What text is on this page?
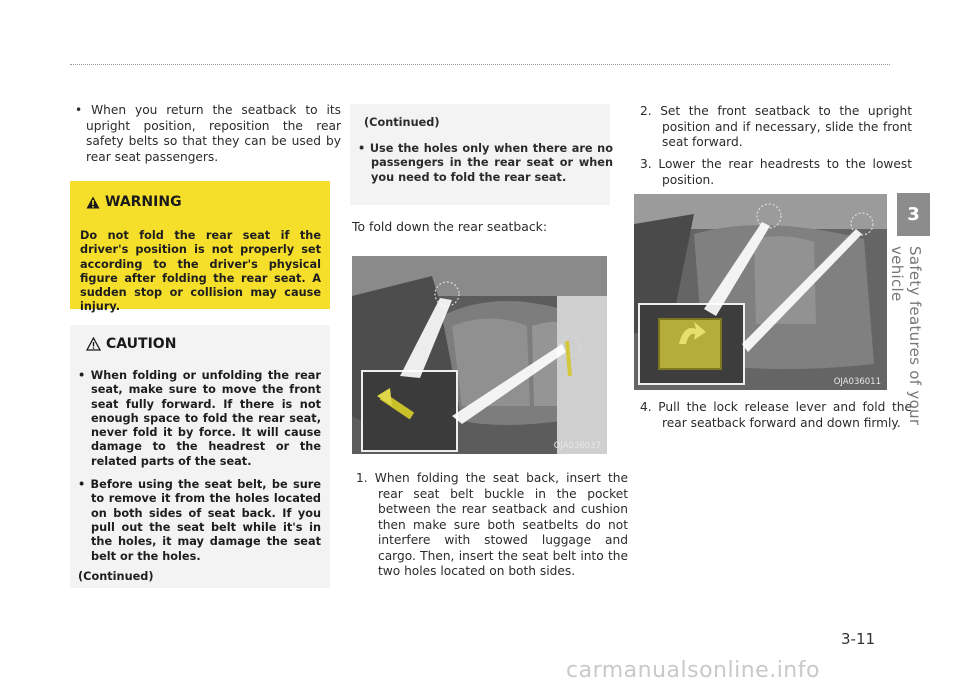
• When you return the seatback to its upright position, reposition the rear safety belts so that they can be used by rear seat passengers.
WARNING
Do not fold the rear seat if the driver's position is not properly set according to the driver's physical figure after folding the rear seat. A sudden stop or collision may cause injury.
CAUTION
• When folding or unfolding the rear seat, make sure to move the front seat fully forward. If there is not enough space to fold the rear seat, never fold it by force. It will cause damage to the headrest or the related parts of the seat.
• Before using the seat belt, be sure to remove it from the holes located on both sides of seat back. If you pull out the seat belt while it's in the holes, it may damage the seat belt or the holes.
(Continued)
(Continued)
• Use the holes only when there are no passengers in the rear seat or when you need to fold the rear seat.
To fold down the rear seatback:
OJA036037
1. When folding the seat back, insert the rear seat belt buckle in the pocket between the rear seatback and cushion then make sure both seatbelts do not interfere with stowed luggage and cargo. Then, insert the seat belt into the two holes located on both sides.
2. Set the front seatback to the upright position and if necessary, slide the front seat forward.
3. Lower the rear headrests to the lowest position.
OJA036011
4. Pull the lock release lever and fold the rear seatback forward and down firmly.
3
Safety features of your vehicle
3-11
carmanualsonline.info
